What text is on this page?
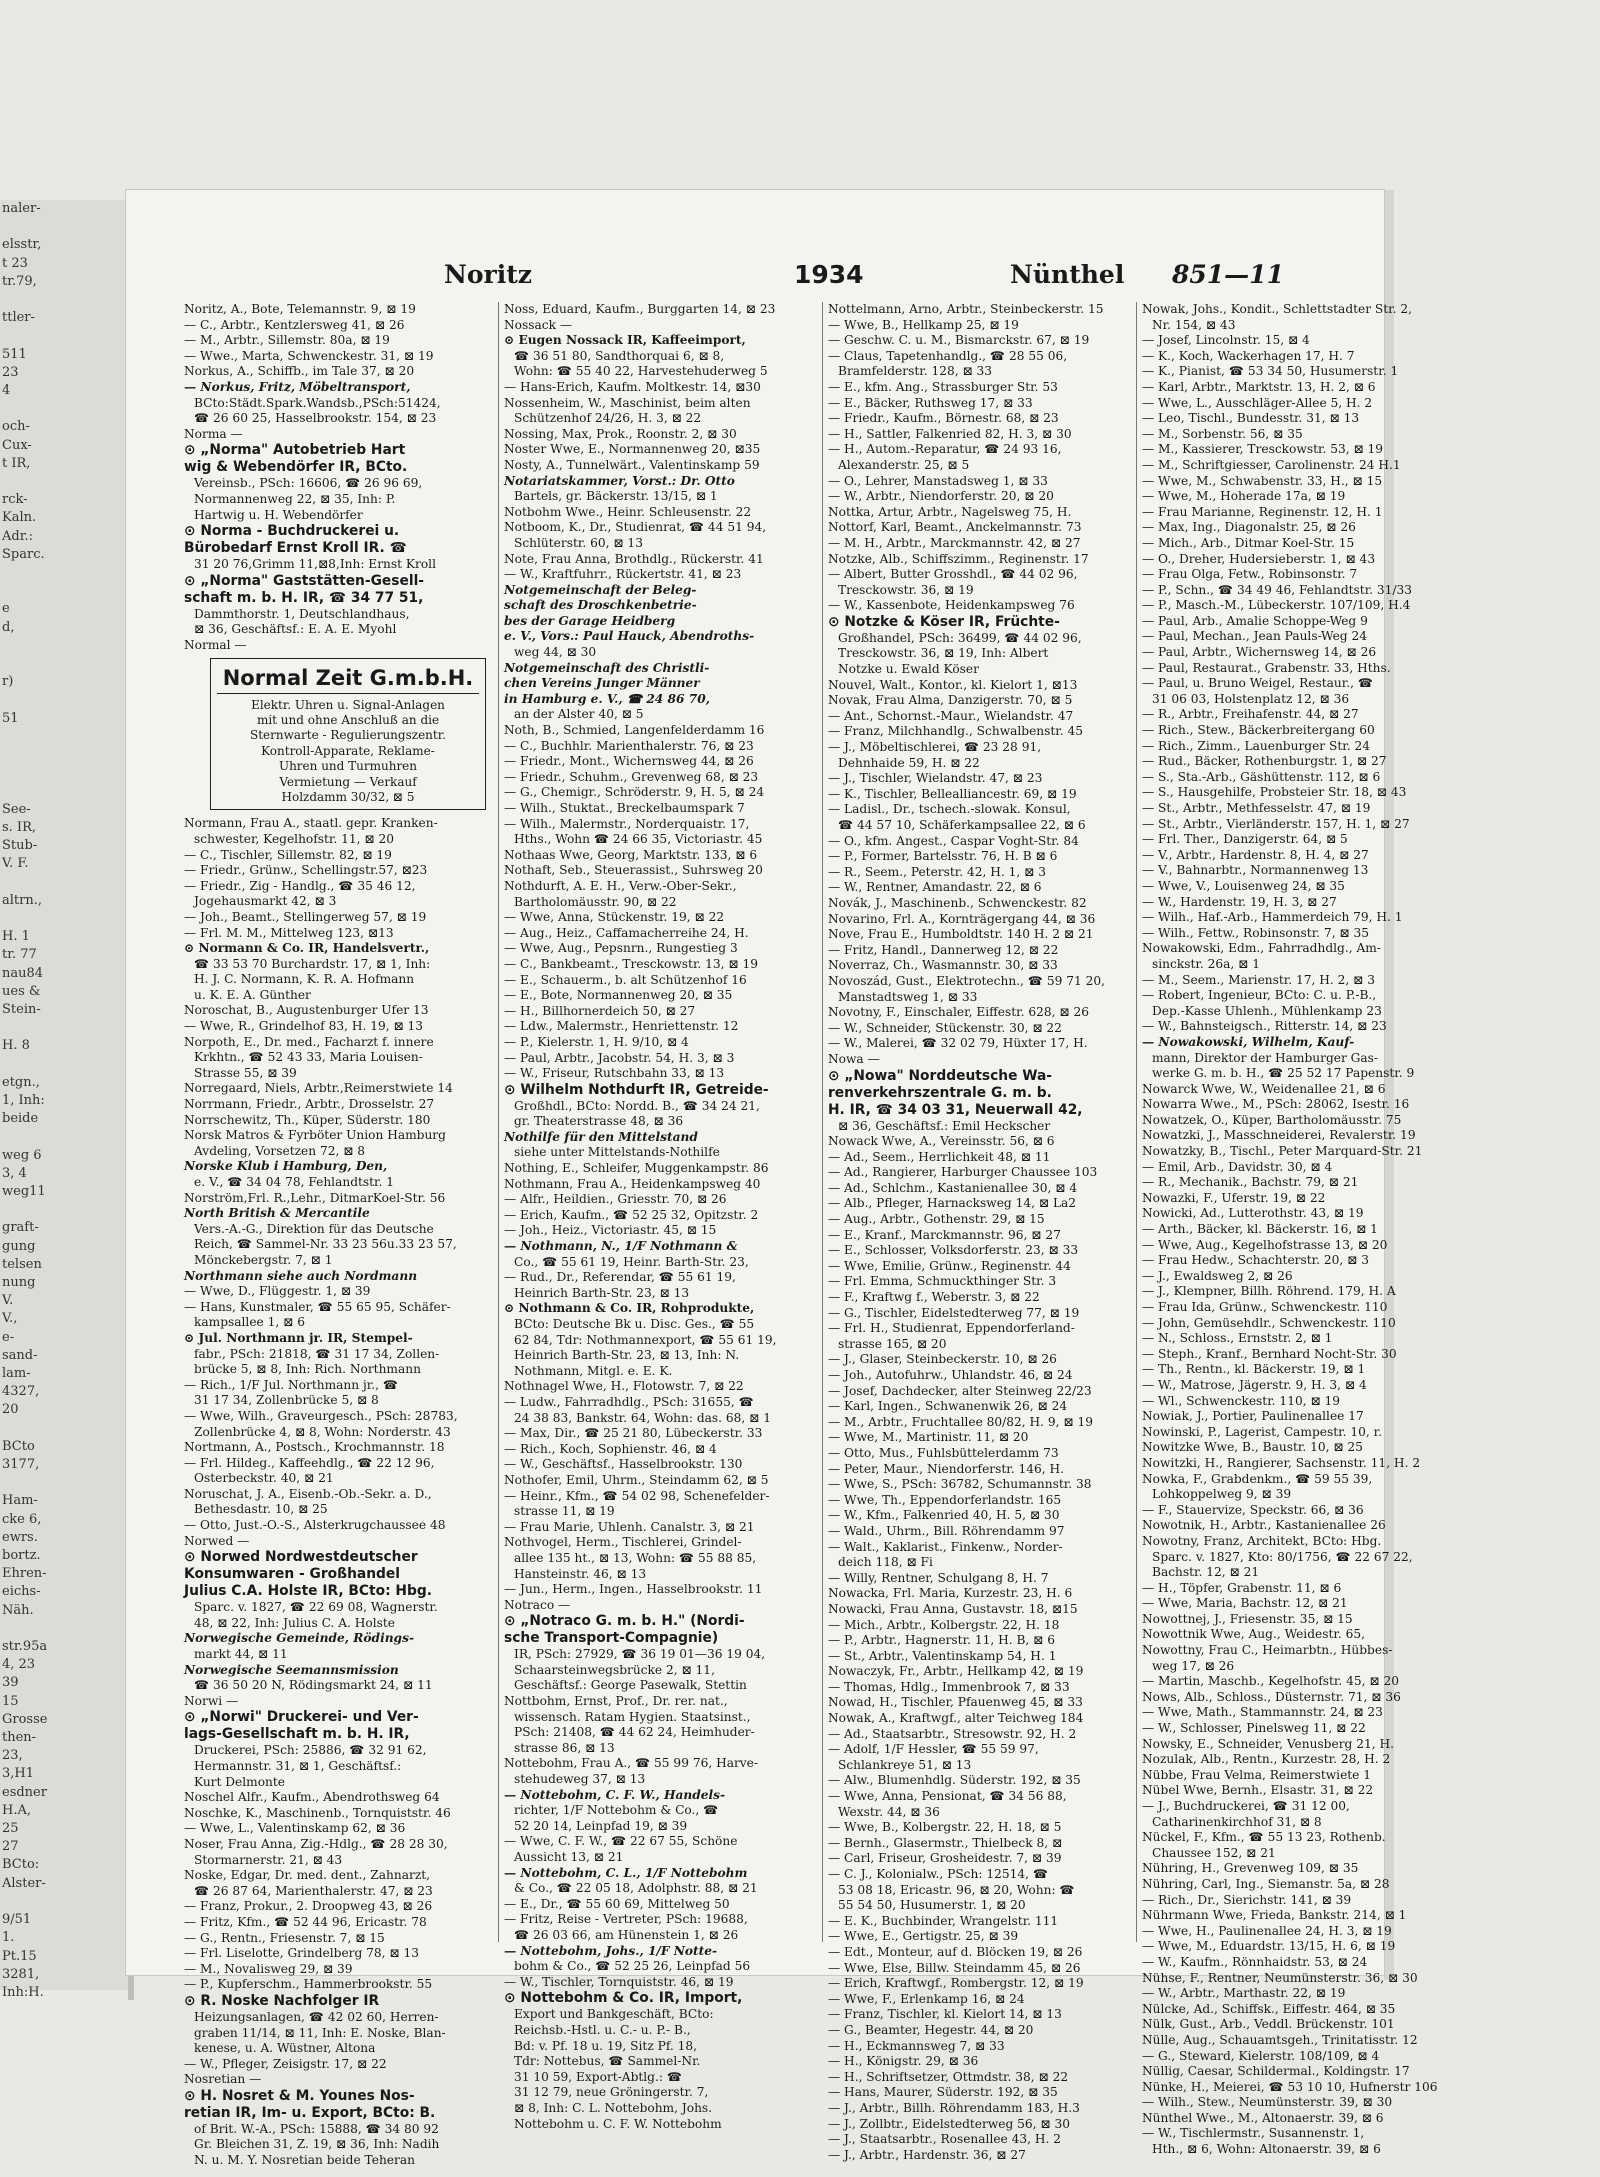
naler-

elsstr,
t 23
tr.79,

ttler-

511
23
4

och-
Cux-
t IR,

rck-
Kaln.
Adr.:
Sparc.

e
d,

r)

51

See-
s. IR,
Stub-
V. F.

altrn.,

H. 1
tr. 77
nau84
ues &
Stein-

H. 8

etgn.,
1, Inh:
beide

weg 6
3, 4
weg11

graft-
gung
telsen
nung
V.
V.,
e-
sand-
lam-
4327,
20

BCto
3177,

Ham-
cke 6,
ewrs.
bortz.
Ehren-
eichs-
Näh.

str.95a
4, 23
39
15
Grosse
then-
23,
3,H1
esdner
H.A,
25
27
BCto:
Alster-

9/51
1.
Pt.15
3281,
Inh:H.
Noritz	1934	Nünthel 851—11
Noritz, A., Bote, Telemannstr. 9, ⊠ 19
— C., Arbtr., Kentzlersweg 41, ⊠ 26
— M., Arbtr., Sillemstr. 80a, ⊠ 19
— Wwe., Marta, Schwenckestr. 31, ⊠ 19
Norkus, A., Schiffb., im Tale 37, ⊠ 20
— Norkus, Fritz, Möbeltransport,
BCto:Städt.Spark.Wandsb.,PSch:51424,
☎ 26 60 25, Hasselbrookstr. 154, ⊠ 23
Norma —
⊙ „Norma" Autobetrieb Hart
wig & Webendörfer IR, BCto.
Vereinsb., PSch: 16606, ☎ 26 96 69,
Normannenweg 22, ⊠ 35, Inh: P.
Hartwig u. H. Webendörfer
⊙ Norma - Buchdruckerei u.
Bürobedarf Ernst Kroll IR. ☎
31 20 76,Grimm 11,⊠8,Inh: Ernst Kroll
⊙ „Norma" Gaststätten-Gesell-
schaft m. b. H. IR, ☎ 34 77 51,
Dammthorstr. 1, Deutschlandhaus,
⊠ 36, Geschäftsf.: E. A. E. Myohl
Normal —
Normal Zeit G.m.b.H.
Elektr. Uhren u. Signal-Anlagen
mit und ohne Anschluß an die
Sternwarte - Regulierungszentr.
Kontroll-Apparate, Reklame-
Uhren und Turmuhren
Vermietung — Verkauf
Holzdamm 30/32, ⊠ 5
Normann, Frau A., staatl. gepr. Kranken-
schwester, Kegelhofstr. 11, ⊠ 20
— C., Tischler, Sillemstr. 82, ⊠ 19
— Friedr., Grünw., Schellingstr.57, ⊠23
— Friedr., Zig - Handlg., ☎ 35 46 12,
Jogehausmarkt 42, ⊠ 3
— Joh., Beamt., Stellingerweg 57, ⊠ 19
— Frl. M. M., Mittelweg 123, ⊠13
⊙ Normann & Co. IR, Handelsvertr.,
☎ 33 53 70 Burchardstr. 17, ⊠ 1, Inh:
H. J. C. Normann, K. R. A. Hofmann
u. K. E. A. Günther
Noroschat, B., Augustenburger Ufer 13
— Wwe, R., Grindelhof 83, H. 19, ⊠ 13
Norpoth, E., Dr. med., Facharzt f. innere
Krkhtn., ☎ 52 43 33, Maria Louisen-
Strasse 55, ⊠ 39
Norregaard, Niels, Arbtr.,Reimerstwiete 14
Norrmann, Friedr., Arbtr., Drosselstr. 27
Norrschewitz, Th., Küper, Süderstr. 180
Norsk Matros & Fyrböter Union Hamburg
Avdeling, Vorsetzen 72, ⊠ 8
Norske Klub i Hamburg, Den,
e. V., ☎ 34 04 78, Fehlandtstr. 1
Norström,Frl. R.,Lehr., DitmarKoel-Str. 56
North British & Mercantile
Vers.-A.-G., Direktion für das Deutsche
Reich, ☎ Sammel-Nr. 33 23 56u.33 23 57,
Mönckebergstr. 7, ⊠ 1
Northmann siehe auch Nordmann
— Wwe, D., Flüggestr. 1, ⊠ 39
— Hans, Kunstmaler, ☎ 55 65 95, Schäfer-
kampsallee 1, ⊠ 6
⊙ Jul. Northmann jr. IR, Stempel-
fabr., PSch: 21818, ☎ 31 17 34, Zollen-
brücke 5, ⊠ 8, Inh: Rich. Northmann
— Rich., 1/F Jul. Northmann jr., ☎
31 17 34, Zollenbrücke 5, ⊠ 8
— Wwe, Wilh., Graveurgesch., PSch: 28783,
Zollenbrücke 4, ⊠ 8, Wohn: Norderstr. 43
Nortmann, A., Postsch., Krochmannstr. 18
— Frl. Hildeg., Kaffeehdlg., ☎ 22 12 96,
Osterbeckstr. 40, ⊠ 21
Noruschat, J. A., Eisenb.-Ob.-Sekr. a. D.,
Bethesdastr. 10, ⊠ 25
— Otto, Just.-O.-S., Alsterkrugchaussee 48
Norwed —
⊙ Norwed Nordwestdeutscher
Konsumwaren - Großhandel
Julius C.A. Holste IR, BCto: Hbg.
Sparc. v. 1827, ☎ 22 69 08, Wagnerstr.
48, ⊠ 22, Inh: Julius C. A. Holste
Norwegische Gemeinde, Rödings-
markt 44, ⊠ 11
Norwegische Seemannsmission
☎ 36 50 20 N, Rödingsmarkt 24, ⊠ 11
Norwi —
⊙ „Norwi" Druckerei- und Ver-
lags-Gesellschaft m. b. H. IR,
Druckerei, PSch: 25886, ☎ 32 91 62,
Hermannstr. 31, ⊠ 1, Geschäftsf.:
Kurt Delmonte
Noschel Alfr., Kaufm., Abendrothsweg 64
Noschke, K., Maschinenb., Tornquiststr. 46
— Wwe, L., Valentinskamp 62, ⊠ 36
Noser, Frau Anna, Zig.-Hdlg., ☎ 28 28 30,
Stormarnerstr. 21, ⊠ 43
Noske, Edgar, Dr. med. dent., Zahnarzt,
☎ 26 87 64, Marienthalerstr. 47, ⊠ 23
— Franz, Prokur., 2. Droopweg 43, ⊠ 26
— Fritz, Kfm., ☎ 52 44 96, Ericastr. 78
— G., Rentn., Friesenstr. 7, ⊠ 15
— Frl. Liselotte, Grindelberg 78, ⊠ 13
— M., Novalisweg 29, ⊠ 39
— P., Kupferschm., Hammerbrookstr. 55
⊙ R. Noske Nachfolger IR
Heizungsanlagen, ☎ 42 02 60, Herren-
graben 11/14, ⊠ 11, Inh: E. Noske, Blan-
kenese, u. A. Wüstner, Altona
— W., Pfleger, Zeisigstr. 17, ⊠ 22
Nosretian —
⊙ H. Nosret & M. Younes Nos-
retian IR, Im- u. Export, BCto: B.
of Brit. W.-A., PSch: 15888, ☎ 34 80 92
Gr. Bleichen 31, Z. 19, ⊠ 36, Inh: Nadih
N. u. M. Y. Nosretian beide Teheran
Noss, Eduard, Kaufm., Burggarten 14, ⊠ 23
Nossack —
⊙ Eugen Nossack IR, Kaffeeimport,
☎ 36 51 80, Sandthorquai 6, ⊠ 8,
Wohn: ☎ 55 40 22, Harvestehuderweg 5
— Hans-Erich, Kaufm. Moltkestr. 14, ⊠30
Nossenheim, W., Maschinist, beim alten
Schützenhof 24/26, H. 3, ⊠ 22
Nossing, Max, Prok., Roonstr. 2, ⊠ 30
Noster Wwe, E., Normannenweg 20, ⊠35
Nosty, A., Tunnelwärt., Valentinskamp 59
Notariatskammer, Vorst.: Dr. Otto
Bartels, gr. Bäckerstr. 13/15, ⊠ 1
Notbohm Wwe., Heinr. Schleusenstr. 22
Notboom, K., Dr., Studienrat, ☎ 44 51 94,
Schlüterstr. 60, ⊠ 13
Note, Frau Anna, Brothdlg., Rückerstr. 41
— W., Kraftfuhrr., Rückertstr. 41, ⊠ 23
Notgemeinschaft der Beleg-
schaft des Droschkenbetrie-
bes der Garage Heidberg
e. V., Vors.: Paul Hauck, Abendroths-
weg 44, ⊠ 30
Notgemeinschaft des Christli-
chen Vereins Junger Männer
in Hamburg e. V., ☎ 24 86 70,
an der Alster 40, ⊠ 5
Noth, B., Schmied, Langenfelderdamm 16
— C., Buchhlr. Marienthalerstr. 76, ⊠ 23
— Friedr., Mont., Wichernsweg 44, ⊠ 26
— Friedr., Schuhm., Grevenweg 68, ⊠ 23
— G., Chemigr., Schröderstr. 9, H. 5, ⊠ 24
— Wilh., Stuktat., Breckelbaumspark 7
— Wilh., Malermstr., Norderquaistr. 17,
Hths., Wohn ☎ 24 66 35, Victoriastr. 45
Nothaas Wwe, Georg, Marktstr. 133, ⊠ 6
Nothaft, Seb., Steuerassist., Suhrsweg 20
Nothdurft, A. E. H., Verw.-Ober-Sekr.,
Bartholomäusstr. 90, ⊠ 22
— Wwe, Anna, Stückenstr. 19, ⊠ 22
— Aug., Heiz., Caffamacherreihe 24, H.
— Wwe, Aug., Pepsnrn., Rungestieg 3
— C., Bankbeamt., Tresckowstr. 13, ⊠ 19
— E., Schauerm., b. alt Schützenhof 16
— E., Bote, Normannenweg 20, ⊠ 35
— H., Billhornerdeich 50, ⊠ 27
— Ldw., Malermstr., Henriettenstr. 12
— P., Kielerstr. 1, H. 9/10, ⊠ 4
— Paul, Arbtr., Jacobstr. 54, H. 3, ⊠ 3
— W., Friseur, Rutschbahn 33, ⊠ 13
⊙ Wilhelm Nothdurft IR, Getreide-
Großhdl., BCto: Nordd. B., ☎ 34 24 21,
gr. Theaterstrasse 48, ⊠ 36
Nothilfe für den Mittelstand
siehe unter Mittelstands-Nothilfe
Nothing, E., Schleifer, Muggenkampstr. 86
Nothmann, Frau A., Heidenkampsweg 40
— Alfr., Heildien., Griesstr. 70, ⊠ 26
— Erich, Kaufm., ☎ 52 25 32, Opitzstr. 2
— Joh., Heiz., Victoriastr. 45, ⊠ 15
— Nothmann, N., 1/F Nothmann &
Co., ☎ 55 61 19, Heinr. Barth-Str. 23,
— Rud., Dr., Referendar, ☎ 55 61 19,
Heinrich Barth-Str. 23, ⊠ 13
⊙ Nothmann & Co. IR, Rohprodukte,
BCto: Deutsche Bk u. Disc. Ges., ☎ 55
62 84, Tdr: Nothmannexport, ☎ 55 61 19,
Heinrich Barth-Str. 23, ⊠ 13, Inh: N.
Nothmann, Mitgl. e. E. K.
Nothnagel Wwe, H., Flotowstr. 7, ⊠ 22
— Ludw., Fahrradhdlg., PSch: 31655, ☎
24 38 83, Bankstr. 64, Wohn: das. 68, ⊠ 1
— Max, Dir., ☎ 25 21 80, Lübeckerstr. 33
— Rich., Koch, Sophienstr. 46, ⊠ 4
— W., Geschäftsf., Hasselbrookstr. 130
Nothofer, Emil, Uhrm., Steindamm 62, ⊠ 5
— Heinr., Kfm., ☎ 54 02 98, Schenefelder-
strasse 11, ⊠ 19
— Frau Marie, Uhlenh. Canalstr. 3, ⊠ 21
Nothvogel, Herm., Tischlerei, Grindel-
allee 135 ht., ⊠ 13, Wohn: ☎ 55 88 85,
Hansteinstr. 46, ⊠ 13
— Jun., Herm., Ingen., Hasselbrookstr. 11
Notraco —
⊙ „Notraco G. m. b. H." (Nordi-
sche Transport-Compagnie)
IR, PSch: 27929, ☎ 36 19 01—36 19 04,
Schaarsteinwegsbrücke 2, ⊠ 11,
Geschäftsf.: George Pasewalk, Stettin
Nottbohm, Ernst, Prof., Dr. rer. nat.,
wissensch. Ratam Hygien. Staatsinst.,
PSch: 21408, ☎ 44 62 24, Heimhuder-
strasse 86, ⊠ 13
Nottebohm, Frau A., ☎ 55 99 76, Harve-
stehudeweg 37, ⊠ 13
— Nottebohm, C. F. W., Handels-
richter, 1/F Nottebohm & Co., ☎
52 20 14, Leinpfad 19, ⊠ 39
— Wwe, C. F. W., ☎ 22 67 55, Schöne
Aussicht 13, ⊠ 21
— Nottebohm, C. L., 1/F Nottebohm
& Co., ☎ 22 05 18, Adolphstr. 88, ⊠ 21
— E., Dr., ☎ 55 60 69, Mittelweg 50
— Fritz, Reise - Vertreter, PSch: 19688,
☎ 26 03 66, am Hünenstein 1, ⊠ 26
— Nottebohm, Johs., 1/F Notte-
bohm & Co., ☎ 52 25 26, Leinpfad 56
— W., Tischler, Tornquiststr. 46, ⊠ 19
⊙ Nottebohm & Co. IR, Import,
Export und Bankgeschäft, BCto:
Reichsb.-Hstl. u. C.- u. P.- B.,
Bd: v. Pf. 18 u. 19, Sitz Pf. 18,
Tdr: Nottebus, ☎ Sammel-Nr.
31 10 59, Export-Abtlg.: ☎
31 12 79, neue Gröningerstr. 7,
⊠ 8, Inh: C. L. Nottebohm, Johs.
Nottebohm u. C. F. W. Nottebohm
Nottelmann, Arno, Arbtr., Steinbeckerstr. 15
— Wwe, B., Hellkamp 25, ⊠ 19
— Geschw. C. u. M., Bismarckstr. 67, ⊠ 19
— Claus, Tapetenhandlg., ☎ 28 55 06,
Bramfelderstr. 128, ⊠ 33
— E., kfm. Ang., Strassburger Str. 53
— E., Bäcker, Ruthsweg 17, ⊠ 33
— Friedr., Kaufm., Börnestr. 68, ⊠ 23
— H., Sattler, Falkenried 82, H. 3, ⊠ 30
— H., Autom.-Reparatur, ☎ 24 93 16,
Alexanderstr. 25, ⊠ 5
— O., Lehrer, Manstadsweg 1, ⊠ 33
— W., Arbtr., Niendorferstr. 20, ⊠ 20
Nottka, Artur, Arbtr., Nagelsweg 75, H.
Nottorf, Karl, Beamt., Anckelmannstr. 73
— M. H., Arbtr., Marckmannstr. 42, ⊠ 27
Notzke, Alb., Schiffszimm., Reginenstr. 17
— Albert, Butter Grosshdl., ☎ 44 02 96,
Tresckowstr. 36, ⊠ 19
— W., Kassenbote, Heidenkampsweg 76
⊙ Notzke & Köser IR, Früchte-
Großhandel, PSch: 36499, ☎ 44 02 96,
Tresckowstr. 36, ⊠ 19, Inh: Albert
Notzke u. Ewald Köser
Nouvel, Walt., Kontor., kl. Kielort 1, ⊠13
Novak, Frau Alma, Danzigerstr. 70, ⊠ 5
— Ant., Schornst.-Maur., Wielandstr. 47
— Franz, Milchhandlg., Schwalbenstr. 45
— J., Möbeltischlerei, ☎ 23 28 91,
Dehnhaide 59, H. ⊠ 22
— J., Tischler, Wielandstr. 47, ⊠ 23
— K., Tischler, Bellealliancestr. 69, ⊠ 19
— Ladisl., Dr., tschech.-slowak. Konsul,
☎ 44 57 10, Schäferkampsallee 22, ⊠ 6
— O., kfm. Angest., Caspar Voght-Str. 84
— P., Former, Bartelsstr. 76, H. B ⊠ 6
— R., Seem., Peterstr. 42, H. 1, ⊠ 3
— W., Rentner, Amandastr. 22, ⊠ 6
Novák, J., Maschinenb., Schwenckestr. 82
Novarino, Frl. A., Kornträgergang 44, ⊠ 36
Nove, Frau E., Humboldtstr. 140 H. 2 ⊠ 21
— Fritz, Handl., Dannerweg 12, ⊠ 22
Noverraz, Ch., Wasmannstr. 30, ⊠ 33
Novoszád, Gust., Elektrotechn., ☎ 59 71 20,
Manstadtsweg 1, ⊠ 33
Novotny, F., Einschaler, Eiffestr. 628, ⊠ 26
— W., Schneider, Stückenstr. 30, ⊠ 22
— W., Malerei, ☎ 32 02 79, Hüxter 17, H.
Nowa —
⊙ „Nowa" Norddeutsche Wa-
renverkehrszentrale G. m. b.
H. IR, ☎ 34 03 31, Neuerwall 42,
⊠ 36, Geschäftsf.: Emil Heckscher
Nowack Wwe, A., Vereinsstr. 56, ⊠ 6
— Ad., Seem., Herrlichkeit 48, ⊠ 11
— Ad., Rangierer, Harburger Chaussee 103
— Ad., Schlchm., Kastanienallee 30, ⊠ 4
— Alb., Pfleger, Harnacksweg 14, ⊠ La2
— Aug., Arbtr., Gothenstr. 29, ⊠ 15
— E., Kranf., Marckmannstr. 96, ⊠ 27
— E., Schlosser, Volksdorferstr. 23, ⊠ 33
— Wwe, Emilie, Grünw., Reginenstr. 44
— Frl. Emma, Schmuckthinger Str. 3
— F., Kraftwg f., Weberstr. 3, ⊠ 22
— G., Tischler, Eidelstedterweg 77, ⊠ 19
— Frl. H., Studienrat, Eppendorferland-
strasse 165, ⊠ 20
— J., Glaser, Steinbeckerstr. 10, ⊠ 26
— Joh., Autofuhrw., Uhlandstr. 46, ⊠ 24
— Josef, Dachdecker, alter Steinweg 22/23
— Karl, Ingen., Schwanenwik 26, ⊠ 24
— M., Arbtr., Fruchtallee 80/82, H. 9, ⊠ 19
— Wwe, M., Martinistr. 11, ⊠ 20
— Otto, Mus., Fuhlsbüttelerdamm 73
— Peter, Maur., Niendorferstr. 146, H.
— Wwe, S., PSch: 36782, Schumannstr. 38
— Wwe, Th., Eppendorferlandstr. 165
— W., Kfm., Falkenried 40, H. 5, ⊠ 30
— Wald., Uhrm., Bill. Röhrendamm 97
— Walt., Kaklarist., Finkenw., Norder-
deich 118, ⊠ Fi
— Willy, Rentner, Schulgang 8, H. 7
Nowacka, Frl. Maria, Kurzestr. 23, H. 6
Nowacki, Frau Anna, Gustavstr. 18, ⊠15
— Mich., Arbtr., Kolbergstr. 22, H. 18
— P., Arbtr., Hagnerstr. 11, H. B, ⊠ 6
— St., Arbtr., Valentinskamp 54, H. 1
Nowaczyk, Fr., Arbtr., Hellkamp 42, ⊠ 19
— Thomas, Hdlg., Immenbrook 7, ⊠ 33
Nowad, H., Tischler, Pfauenweg 45, ⊠ 33
Nowak, A., Kraftwgf., alter Teichweg 184
— Ad., Staatsarbtr., Stresowstr. 92, H. 2
— Adolf, 1/F Hessler, ☎ 55 59 97,
Schlankreye 51, ⊠ 13
— Alw., Blumenhdlg. Süderstr. 192, ⊠ 35
— Wwe, Anna, Pensionat, ☎ 34 56 88,
Wexstr. 44, ⊠ 36
— Wwe, B., Kolbergstr. 22, H. 18, ⊠ 5
— Bernh., Glasermstr., Thielbeck 8, ⊠
— Carl, Friseur, Grosheidestr. 7, ⊠ 39
— C. J., Kolonialw., PSch: 12514, ☎
53 08 18, Ericastr. 96, ⊠ 20, Wohn: ☎
55 54 50, Husumerstr. 1, ⊠ 20
— E. K., Buchbinder, Wrangelstr. 111
— Wwe, E., Gertigstr. 25, ⊠ 39
— Edt., Monteur, auf d. Blöcken 19, ⊠ 26
— Wwe, Else, Billw. Steindamm 45, ⊠ 26
— Erich, Kraftwgf., Rombergstr. 12, ⊠ 19
— Wwe, F., Erlenkamp 16, ⊠ 24
— Franz, Tischler, kl. Kielort 14, ⊠ 13
— G., Beamter, Hegestr. 44, ⊠ 20
— H., Eckmannsweg 7, ⊠ 33
— H., Königstr. 29, ⊠ 36
— H., Schriftsetzer, Ottmdstr. 38, ⊠ 22
— Hans, Maurer, Süderstr. 192, ⊠ 35
— J., Arbtr., Billh. Röhrendamm 183, H.3
— J., Zollbtr., Eidelstedterweg 56, ⊠ 30
— J., Staatsarbtr., Rosenallee 43, H. 2
— J., Arbtr., Hardenstr. 36, ⊠ 27
Nowak, Johs., Kondit., Schlettstadter Str. 2,
Nr. 154, ⊠ 43
— Josef, Lincolnstr. 15, ⊠ 4
— K., Koch, Wackerhagen 17, H. 7
— K., Pianist, ☎ 53 34 50, Husumerstr. 1
— Karl, Arbtr., Marktstr. 13, H. 2, ⊠ 6
— Wwe, L., Ausschläger-Allee 5, H. 2
— Leo, Tischl., Bundesstr. 31, ⊠ 13
— M., Sorbenstr. 56, ⊠ 35
— M., Kassierer, Tresckowstr. 53, ⊠ 19
— M., Schriftgiesser, Carolinenstr. 24 H.1
— Wwe, M., Schwabenstr. 33, H., ⊠ 15
— Wwe, M., Hoherade 17a, ⊠ 19
— Frau Marianne, Reginenstr. 12, H. 1
— Max, Ing., Diagonalstr. 25, ⊠ 26
— Mich., Arb., Ditmar Koel-Str. 15
— O., Dreher, Hudersieberstr. 1, ⊠ 43
— Frau Olga, Fetw., Robinsonstr. 7
— P., Schn., ☎ 34 49 46, Fehlandtstr. 31/33
— P., Masch.-M., Lübeckerstr. 107/109, H.4
— Paul, Arb., Amalie Schoppe-Weg 9
— Paul, Mechan., Jean Pauls-Weg 24
— Paul, Arbtr., Wichernsweg 14, ⊠ 26
— Paul, Restaurat., Grabenstr. 33, Hths.
— Paul, u. Bruno Weigel, Restaur., ☎
31 06 03, Holstenplatz 12, ⊠ 36
— R., Arbtr., Freihafenstr. 44, ⊠ 27
— Rich., Stew., Bäckerbreitergang 60
— Rich., Zimm., Lauenburger Str. 24
— Rud., Bäcker, Rothenburgstr. 1, ⊠ 27
— S., Sta.-Arb., Gäshüttenstr. 112, ⊠ 6
— S., Hausgehilfe, Probsteier Str. 18, ⊠ 43
— St., Arbtr., Methfesselstr. 47, ⊠ 19
— St., Arbtr., Vierländerstr. 157, H. 1, ⊠ 27
— Frl. Ther., Danzigerstr. 64, ⊠ 5
— V., Arbtr., Hardenstr. 8, H. 4, ⊠ 27
— V., Bahnarbtr., Normannenweg 13
— Wwe, V., Louisenweg 24, ⊠ 35
— W., Hardenstr. 19, H. 3, ⊠ 27
— Wilh., Haf.-Arb., Hammerdeich 79, H. 1
— Wilh., Fettw., Robinsonstr. 7, ⊠ 35
Nowakowski, Edm., Fahrradhdlg., Am-
sinckstr. 26a, ⊠ 1
— M., Seem., Marienstr. 17, H. 2, ⊠ 3
— Robert, Ingenieur, BCto: C. u. P.-B.,
Dep.-Kasse Uhlenh., Mühlenkamp 23
— W., Bahnsteigsch., Ritterstr. 14, ⊠ 23
— Nowakowski, Wilhelm, Kauf-
mann, Direktor der Hamburger Gas-
werke G. m. b. H., ☎ 25 52 17 Papenstr. 9
Nowarck Wwe, W., Weidenallee 21, ⊠ 6
Nowarra Wwe., M., PSch: 28062, Isestr. 16
Nowatzek, O., Küper, Bartholomäusstr. 75
Nowatzki, J., Masschneiderei, Revalerstr. 19
Nowatzky, B., Tischl., Peter Marquard-Str. 21
— Emil, Arb., Davidstr. 30, ⊠ 4
— R., Mechanik., Bachstr. 79, ⊠ 21
Nowazki, F., Uferstr. 19, ⊠ 22
Nowicki, Ad., Lutterothstr. 43, ⊠ 19
— Arth., Bäcker, kl. Bäckerstr. 16, ⊠ 1
— Wwe, Aug., Kegelhofstrasse 13, ⊠ 20
— Frau Hedw., Schachterstr. 20, ⊠ 3
— J., Ewaldsweg 2, ⊠ 26
— J., Klempner, Billh. Röhrend. 179, H. A
— Frau Ida, Grünw., Schwenckestr. 110
— John, Gemüsehdlr., Schwenckestr. 110
— N., Schloss., Ernststr. 2, ⊠ 1
— Steph., Kranf., Bernhard Nocht-Str. 30
— Th., Rentn., kl. Bäckerstr. 19, ⊠ 1
— W., Matrose, Jägerstr. 9, H. 3, ⊠ 4
— Wl., Schwenckestr. 110, ⊠ 19
Nowiak, J., Portier, Paulinenallee 17
Nowinski, P., Lagerist, Campestr. 10, r.
Nowitzke Wwe, B., Baustr. 10, ⊠ 25
Nowitzki, H., Rangierer, Sachsenstr. 11, H. 2
Nowka, F., Grabdenkm., ☎ 59 55 39,
Lohkoppelweg 9, ⊠ 39
— F., Stauervize, Speckstr. 66, ⊠ 36
Nowotnik, H., Arbtr., Kastanienallee 26
Nowotny, Franz, Architekt, BCto: Hbg.
Sparc. v. 1827, Kto: 80/1756, ☎ 22 67 22,
Bachstr. 12, ⊠ 21
— H., Töpfer, Grabenstr. 11, ⊠ 6
— Wwe, Maria, Bachstr. 12, ⊠ 21
Nowottnej, J., Friesenstr. 35, ⊠ 15
Nowottnik Wwe, Aug., Weidestr. 65,
Nowottny, Frau C., Heimarbtn., Hübbes-
weg 17, ⊠ 26
— Martin, Maschb., Kegelhofstr. 45, ⊠ 20
Nows, Alb., Schloss., Düsternstr. 71, ⊠ 36
— Wwe, Math., Stammannstr. 24, ⊠ 23
— W., Schlosser, Pinelsweg 11, ⊠ 22
Nowsky, E., Schneider, Venusberg 21, H.
Nozulak, Alb., Rentn., Kurzestr. 28, H. 2
Nübbe, Frau Velma, Reimerstwiete 1
Nübel Wwe, Bernh., Elsastr. 31, ⊠ 22
— J., Buchdruckerei, ☎ 31 12 00,
Catharinenkirchhof 31, ⊠ 8
Nückel, F., Kfm., ☎ 55 13 23, Rothenb.
Chaussee 152, ⊠ 21
Nühring, H., Grevenweg 109, ⊠ 35
Nühring, Carl, Ing., Siemanstr. 5a, ⊠ 28
— Rich., Dr., Sierichstr. 141, ⊠ 39
Nührmann Wwe, Frieda, Bankstr. 214, ⊠ 1
— Wwe, H., Paulinenallee 24, H. 3, ⊠ 19
— Wwe, M., Eduardstr. 13/15, H. 6, ⊠ 19
— W., Kaufm., Rönnhaidstr. 53, ⊠ 24
Nühse, F., Rentner, Neumünsterstr. 36, ⊠ 30
— W., Arbtr., Marthastr. 22, ⊠ 19
Nülcke, Ad., Schiffsk., Eiffestr. 464, ⊠ 35
Nülk, Gust., Arb., Veddl. Brückenstr. 101
Nülle, Aug., Schauamtsgeh., Trinitatisstr. 12
— G., Steward, Kielerstr. 108/109, ⊠ 4
Nüllig, Caesar, Schildermal., Koldingstr. 17
Nünke, H., Meierei, ☎ 53 10 10, Hufnerstr 106
— Wilh., Stew., Neumünsterstr. 39, ⊠ 30
Nünthel Wwe., M., Altonaerstr. 39, ⊠ 6
— W., Tischlermstr., Susannenstr. 1,
Hth., ⊠ 6, Wohn: Altonaerstr. 39, ⊠ 6
